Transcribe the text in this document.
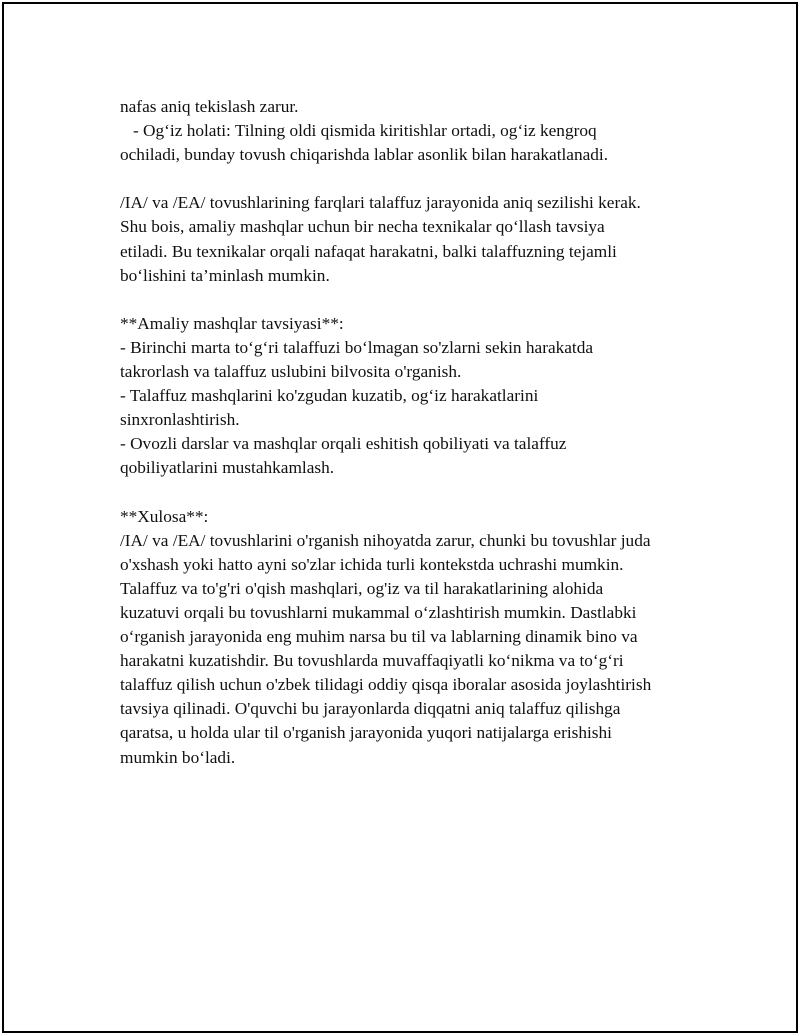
nafas aniq tekislash zarur.
- Og‘iz holati: Tilning oldi qismida kiritishlar ortadi, og‘iz kengroq
ochiladi, bunday tovush chiqarishda lablar asonlik bilan harakatlanadi.
/IA/ va /EA/ tovushlarining farqlari talaffuz jarayonida aniq sezilishi kerak.
Shu bois, amaliy mashqlar uchun bir necha texnikalar qo‘llash tavsiya
etiladi. Bu texnikalar orqali nafaqat harakatni, balki talaffuzning tejamli
bo‘lishini ta’minlash mumkin.
**Amaliy mashqlar tavsiyasi**:
- Birinchi marta to‘g‘ri talaffuzi bo‘lmagan so'zlarni sekin harakatda
takrorlash va talaffuz uslubini bilvosita o'rganish.
- Talaffuz mashqlarini ko'zgudan kuzatib, og‘iz harakatlarini
sinxronlashtirish.
- Ovozli darslar va mashqlar orqali eshitish qobiliyati va talaffuz
qobiliyatlarini mustahkamlash.
**Xulosa**:
/IA/ va /EA/ tovushlarini o'rganish nihoyatda zarur, chunki bu tovushlar juda
o'xshash yoki hatto ayni so'zlar ichida turli kontekstda uchrashi mumkin.
Talaffuz va to'g'ri o'qish mashqlari, og'iz va til harakatlarining alohida
kuzatuvi orqali bu tovushlarni mukammal o‘zlashtirish mumkin. Dastlabki
o‘rganish jarayonida eng muhim narsa bu til va lablarning dinamik bino va
harakatni kuzatishdir. Bu tovushlarda muvaffaqiyatli ko‘nikma va to‘g‘ri
talaffuz qilish uchun o'zbek tilidagi oddiy qisqa iboralar asosida joylashtirish
tavsiya qilinadi. O'quvchi bu jarayonlarda diqqatni aniq talaffuz qilishga
qaratsa, u holda ular til o'rganish jarayonida yuqori natijalarga erishishi
mumkin bo‘ladi.
